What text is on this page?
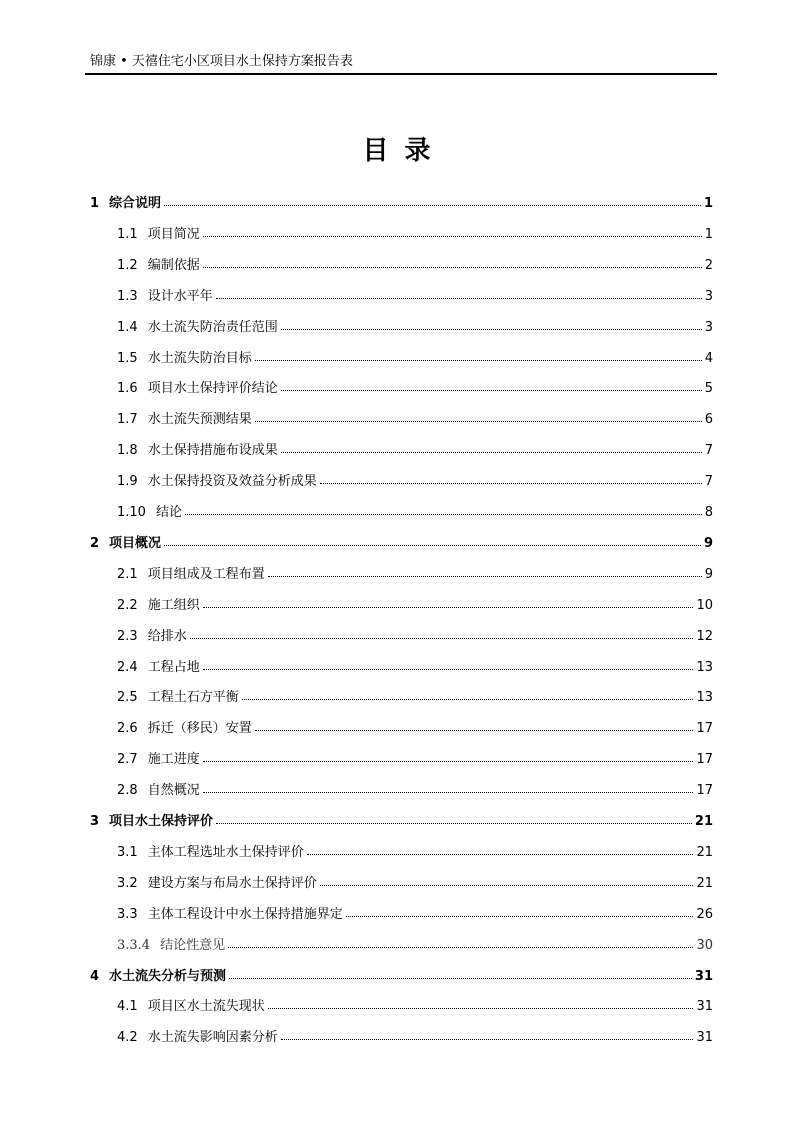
锦康 • 天禧住宅小区项目水土保持方案报告表
目录
1 综合说明	1
1.1 项目简况	1
1.2 编制依据	2
1.3 设计水平年	3
1.4 水土流失防治责任范围	3
1.5 水土流失防治目标	4
1.6 项目水土保持评价结论	5
1.7 水土流失预测结果	6
1.8 水土保持措施布设成果	7
1.9 水土保持投资及效益分析成果	7
1.10 结论	8
2 项目概况	9
2.1 项目组成及工程布置	9
2.2 施工组织	10
2.3 给排水	12
2.4 工程占地	13
2.5 工程土石方平衡	13
2.6 拆迁（移民）安置	17
2.7 施工进度	17
2.8 自然概况	17
3 项目水土保持评价	21
3.1 主体工程选址水土保持评价	21
3.2 建设方案与布局水土保持评价	21
3.3 主体工程设计中水土保持措施界定	26
3.3.4 结论性意见	30
4 水土流失分析与预测	31
4.1 项目区水土流失现状	31
4.2 水土流失影响因素分析	31
